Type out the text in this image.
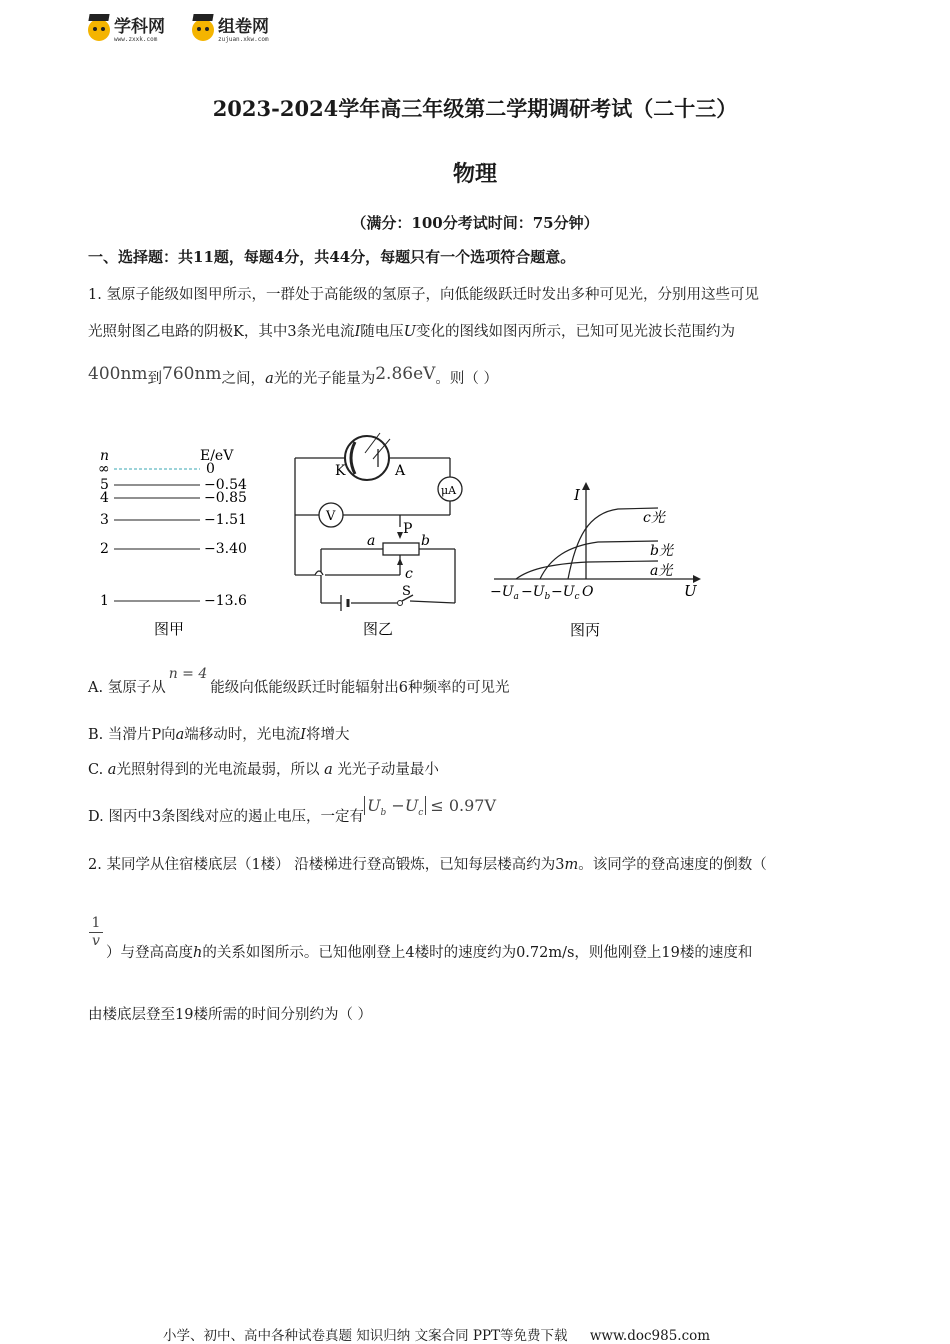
学科网
www.zxxk.com
组卷网
zujuan.xkw.com
2023-2024学年高三年级第二学期调研考试（二十三）
物理
（满分：100分考试时间：75分钟）
一、选择题：共11题，每题4分，共44分，每题只有一个选项符合题意。
1. 氢原子能级如图甲所示，一群处于高能级的氢原子，向低能级跃迁时发出多种可见光，分别用这些可见
光照射图乙电路的阴极K，其中3条光电流I随电压U变化的图线如图丙所示，已知可见光波长范围约为
400nm到760nm之间，a光的光子能量为2.86eV。则（ ）
n	E/eV
∞	0
5	−0.54
4	−0.85
3	−1.51
2	−3.40
1	−13.6
图甲
K	A
μA
V
P
a	b
c
S
图乙
I
U
c光
b光
a光
$-U_a -U_b -U_c$ O
图丙
A. 氢原子从n = 4能级向低能级跃迁时能辐射出6种频率的可见光
B. 当滑片P向a端移动时，光电流I将增大
C. a光照射得到的光电流最弱，所以 a 光光子动量最小
D. 图丙中3条图线对应的遏止电压，一定有$U_b -U_c \le 0.97V$
2. 某同学从住宿楼底层（1楼） 沿楼梯进行登高锻炼，已知每层楼高约为3m。该同学的登高速度的倒数（
$\frac{1}{v}$
）与登高高度h的关系如图所示。已知他刚登上4楼时的速度约为0.72m/s，则他刚登上19楼的速度和
由楼底层登至19楼所需的时间分别约为（ ）
小学、初中、高中各种试卷真题 知识归纳 文案合同 PPT等免费下载 www.doc985.com
